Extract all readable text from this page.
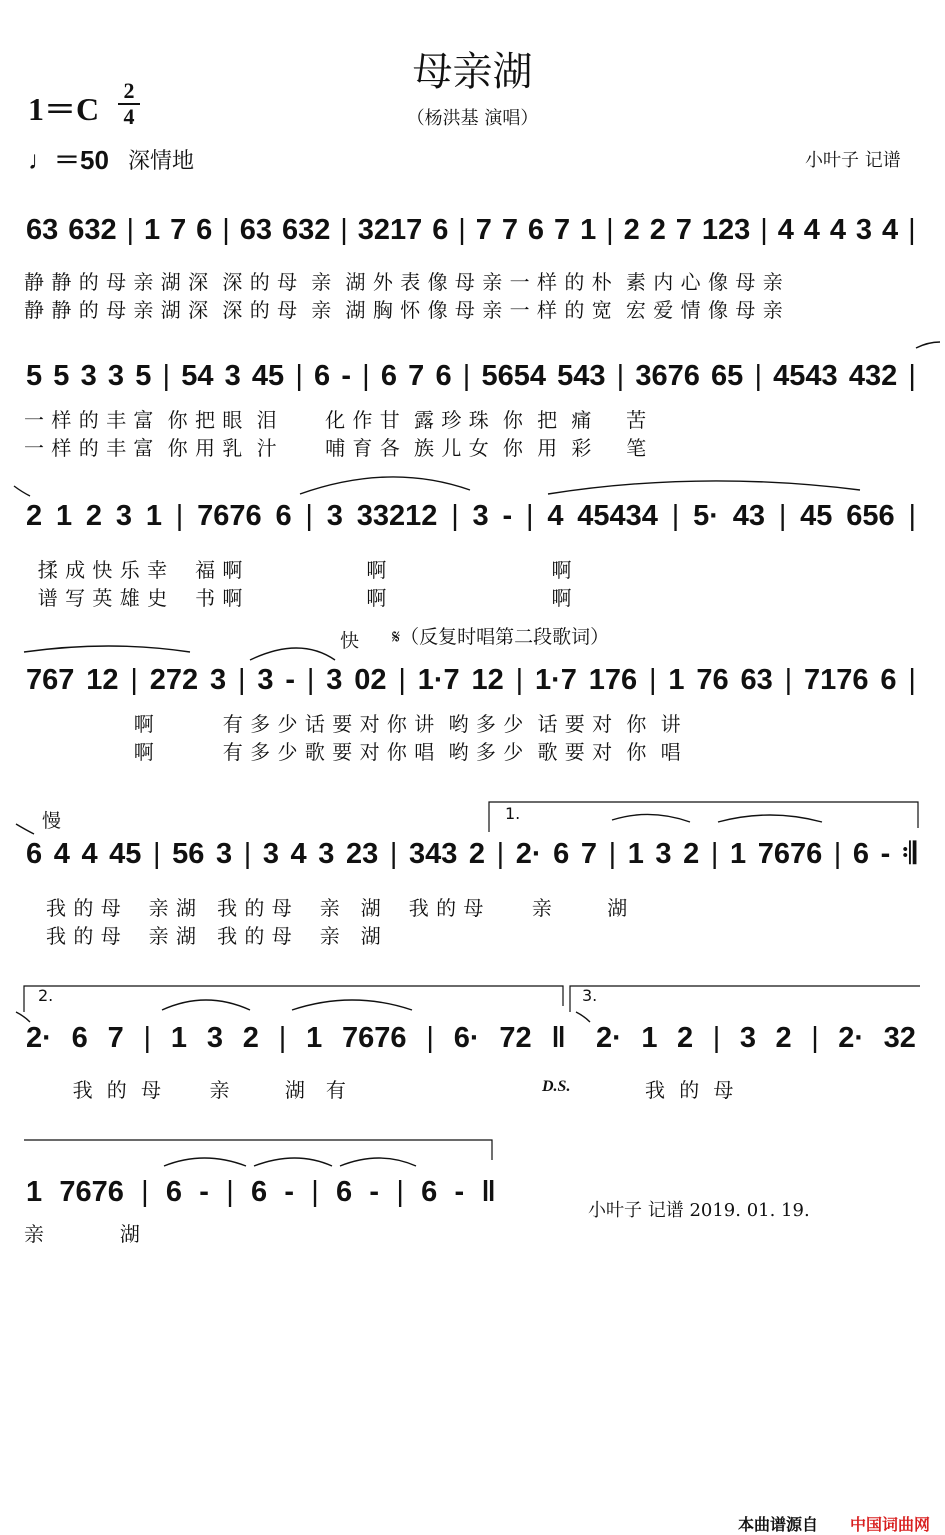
母亲湖
（杨洪基 演唱）
1＝C
2
4
♩＝50 深情地	小叶子 记谱
63 632 | 1 7 6 | 63 632 | 3217 6 | 7 7 6 7 1 | 2 2 7 123 | 4 4 4 3 4 |
静 静 的 母 亲 湖 深  深 的 母  亲  湖 外 表 像 母 亲 一 样 的 朴  素 内 心 像 母 亲
静 静 的 母 亲 湖 深  深 的 母  亲  湖 胸 怀 像 母 亲 一 样 的 宽  宏 爱 情 像 母 亲
5 5 3 3 5 | 54 3 45 | 6 - | 6 7 6 | 5654 543 | 3676 65 | 4543 432 |
一 样 的 丰 富  你 把 眼  泪       化 作 甘  露 珍 珠  你  把  痛     苦
一 样 的 丰 富  你 用 乳  汁       哺 育 各  族 儿 女  你  用  彩     笔
2 1 2 3 1 | 7676 6 | 3 33212 | 3 - | 4 45434 | 5· 43 | 45 656 |
揉 成 快 乐 幸    福 啊                  啊                        啊
谱 写 英 雄 史    书 啊                  啊                        啊
快 𝄋（反复时唱第二段歌词）
767 12 | 272 3 | 3 - | 3 02 | 1·7 12 | 1·7 176 | 1 76 63 | 7176 6 |
啊          有 多 少 话 要 对 你 讲  哟 多 少  话 要 对  你  讲
啊          有 多 少 歌 要 对 你 唱  哟 多 少  歌 要 对  你  唱
慢	1.
6 4 4 45 | 56 3 | 3 4 3 23 | 343 2 | 2· 6 7 | 1 3 2 | 1 7676 | 6 - 𝄇
我 的 母    亲 湖   我 的 母    亲   湖    我 的 母       亲        湖
我 的 母    亲 湖   我 的 母    亲   湖
2.	3.
2· 6 7 | 1 3 2 | 1 7676 | 6· 72 ‖ 2· 1 2 | 3 2 | 2· 32
我  的  母       亲        湖   有	D.S.	我  的  母
1 7676 | 6 - | 6 - | 6 - | 6 - ‖
亲           湖
小叶子 记谱 2019. 01. 19.
本曲谱源自 中国词曲网
